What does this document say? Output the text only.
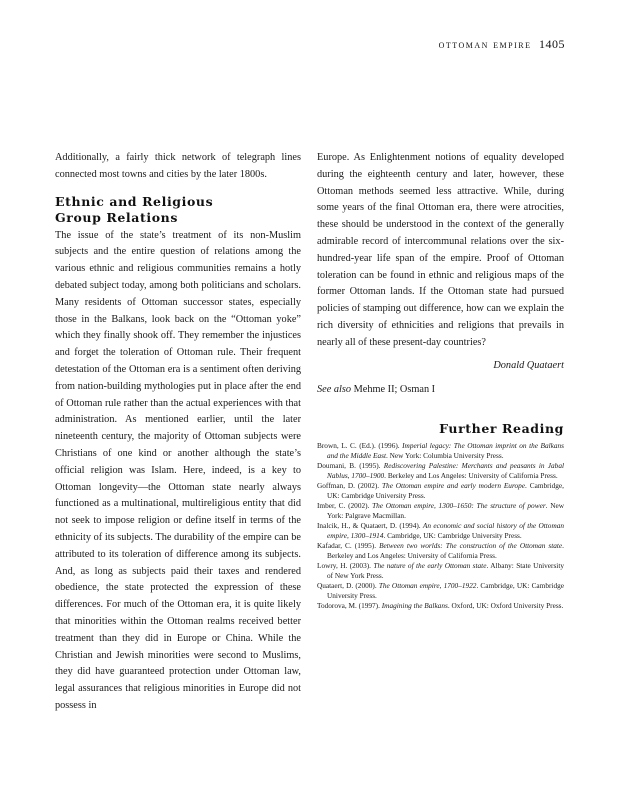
ottoman empire 1405

Additionally, a fairly thick network of telegraph lines connected most towns and cities by the later 1800s.

Ethnic and Religious
Group Relations

The issue of the state’s treatment of its non-Muslim subjects and the entire question of relations among the various ethnic and religious communities remains a hotly debated subject today, among both politicians and scholars. Many residents of Ottoman successor states, especially those in the Balkans, look back on the “Ottoman yoke” which they finally shook off. They remember the injustices and forget the toleration of Ottoman rule. Their frequent detestation of the Ottoman era is a sentiment often deriving from nation-building mythologies put in place after the end of Ottoman rule rather than the actual experiences with that administration. As mentioned earlier, until the later nineteenth century, the majority of Ottoman subjects were Christians of one kind or another although the state’s official religion was Islam. Here, indeed, is a key to Ottoman longevity—the Ottoman state nearly always functioned as a multinational, multireligious entity that did not seek to impose religion or define itself in terms of the ethnicity of its subjects. The durability of the empire can be attributed to its toleration of difference among its subjects. And, as long as subjects paid their taxes and rendered obedience, the state protected the expression of these differences. For much of the Ottoman era, it is quite likely that minorities within the Ottoman realms received better treatment than they did in Europe or China. While the Christian and Jewish minorities were second to Muslims, they did have guaranteed protection under Ottoman law, legal assurances that religious minorities in Europe did not possess in

Europe. As Enlightenment notions of equality developed during the eighteenth century and later, however, these Ottoman methods seemed less attractive. While, during some years of the final Ottoman era, there were atrocities, these should be understood in the context of the generally admirable record of intercommunal relations over the six-hundred-year life span of the empire. Proof of Ottoman toleration can be found in ethnic and religious maps of the former Ottoman lands. If the Ottoman state had pursued policies of stamping out difference, how can we explain the rich diversity of ethnicities and religions that prevails in nearly all of these present-day countries?

Donald Quataert

See also Mehme II; Osman I

Further Reading
Brown, L. C. (Ed.). (1996). Imperial legacy: The Ottoman imprint on the Balkans and the Middle East. New York: Columbia University Press.
Doumani, B. (1995). Rediscovering Palestine: Merchants and peasants in Jabal Nablus, 1700–1900. Berkeley and Los Angeles: University of California Press.
Goffman, D. (2002). The Ottoman empire and early modern Europe. Cambridge, UK: Cambridge University Press.
Imber, C. (2002). The Ottoman empire, 1300–1650: The structure of power. New York: Palgrave Macmillan.
Inalcik, H., & Quataert, D. (1994). An economic and social history of the Ottoman empire, 1300–1914. Cambridge, UK: Cambridge University Press.
Kafadar, C. (1995). Between two worlds: The construction of the Ottoman state. Berkeley and Los Angeles: University of California Press.
Lowry, H. (2003). The nature of the early Ottoman state. Albany: State University of New York Press.
Quataert, D. (2000). The Ottoman empire, 1700–1922. Cambridge, UK: Cambridge University Press.
Todorova, M. (1997). Imagining the Balkans. Oxford, UK: Oxford University Press.
